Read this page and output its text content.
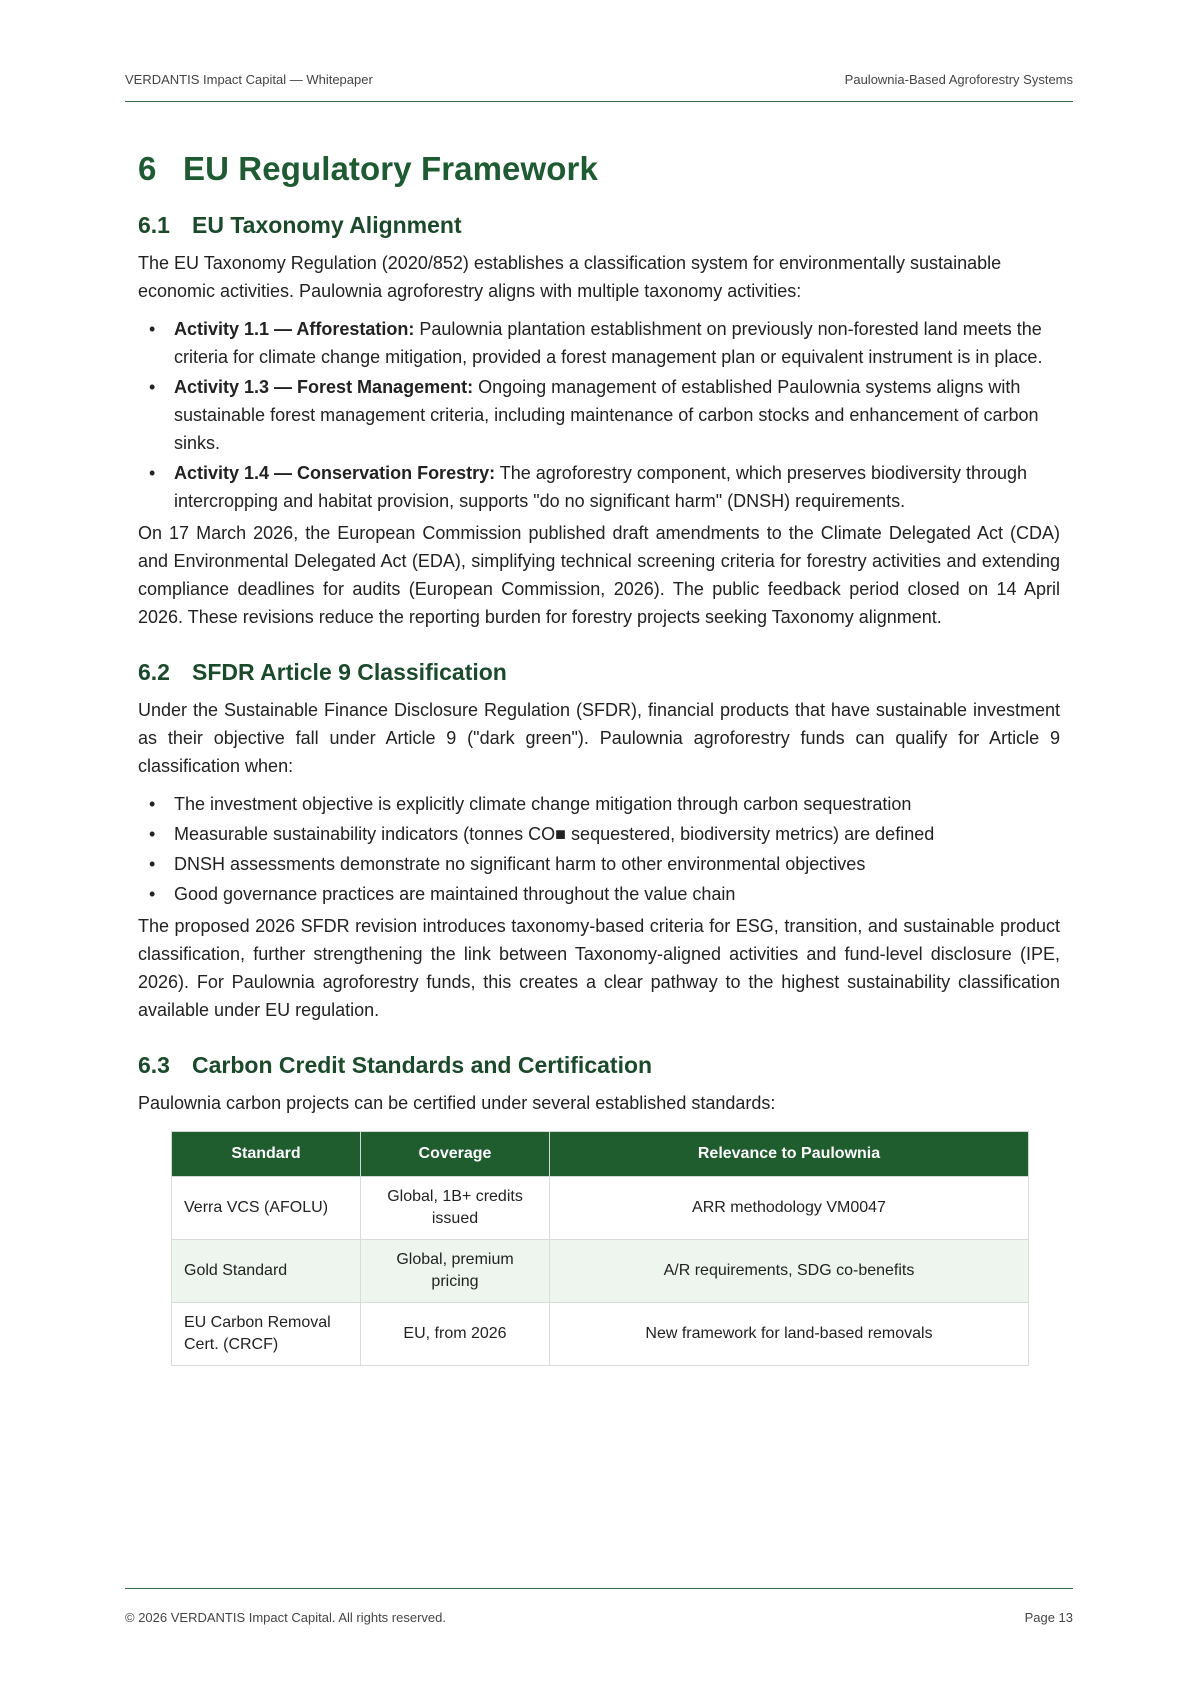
VERDANTIS Impact Capital — Whitepaper	Paulownia-Based Agroforestry Systems
6 EU Regulatory Framework
6.1 EU Taxonomy Alignment

The EU Taxonomy Regulation (2020/852) establishes a classification system for environmentally sustainable economic activities. Paulownia agroforestry aligns with multiple taxonomy activities:

• Activity 1.1 — Afforestation: Paulownia plantation establishment on previously non-forested land meets the criteria for climate change mitigation, provided a forest management plan or equivalent instrument is in place.
• Activity 1.3 — Forest Management: Ongoing management of established Paulownia systems aligns with sustainable forest management criteria, including maintenance of carbon stocks and enhancement of carbon sinks.
• Activity 1.4 — Conservation Forestry: The agroforestry component, which preserves biodiversity through intercropping and habitat provision, supports "do no significant harm" (DNSH) requirements.

On 17 March 2026, the European Commission published draft amendments to the Climate Delegated Act (CDA) and Environmental Delegated Act (EDA), simplifying technical screening criteria for forestry activities and extending compliance deadlines for audits (European Commission, 2026). The public feedback period closed on 14 April 2026. These revisions reduce the reporting burden for forestry projects seeking Taxonomy alignment.

6.2 SFDR Article 9 Classification

Under the Sustainable Finance Disclosure Regulation (SFDR), financial products that have sustainable investment as their objective fall under Article 9 ("dark green"). Paulownia agroforestry funds can qualify for Article 9 classification when:

• The investment objective is explicitly climate change mitigation through carbon sequestration
• Measurable sustainability indicators (tonnes CO■ sequestered, biodiversity metrics) are defined
• DNSH assessments demonstrate no significant harm to other environmental objectives
• Good governance practices are maintained throughout the value chain

The proposed 2026 SFDR revision introduces taxonomy-based criteria for ESG, transition, and sustainable product classification, further strengthening the link between Taxonomy-aligned activities and fund-level disclosure (IPE, 2026). For Paulownia agroforestry funds, this creates a clear pathway to the highest sustainability classification available under EU regulation.

6.3 Carbon Credit Standards and Certification

Paulownia carbon projects can be certified under several established standards:

Standard	Coverage	Relevance to Paulownia
Verra VCS (AFOLU)	Global, 1B+ credits issued	ARR methodology VM0047
Gold Standard	Global, premium pricing	A/R requirements, SDG co-benefits
EU Carbon Removal Cert. (CRCF)	EU, from 2026	New framework for land-based removals
© 2026 VERDANTIS Impact Capital. All rights reserved.	Page 13
